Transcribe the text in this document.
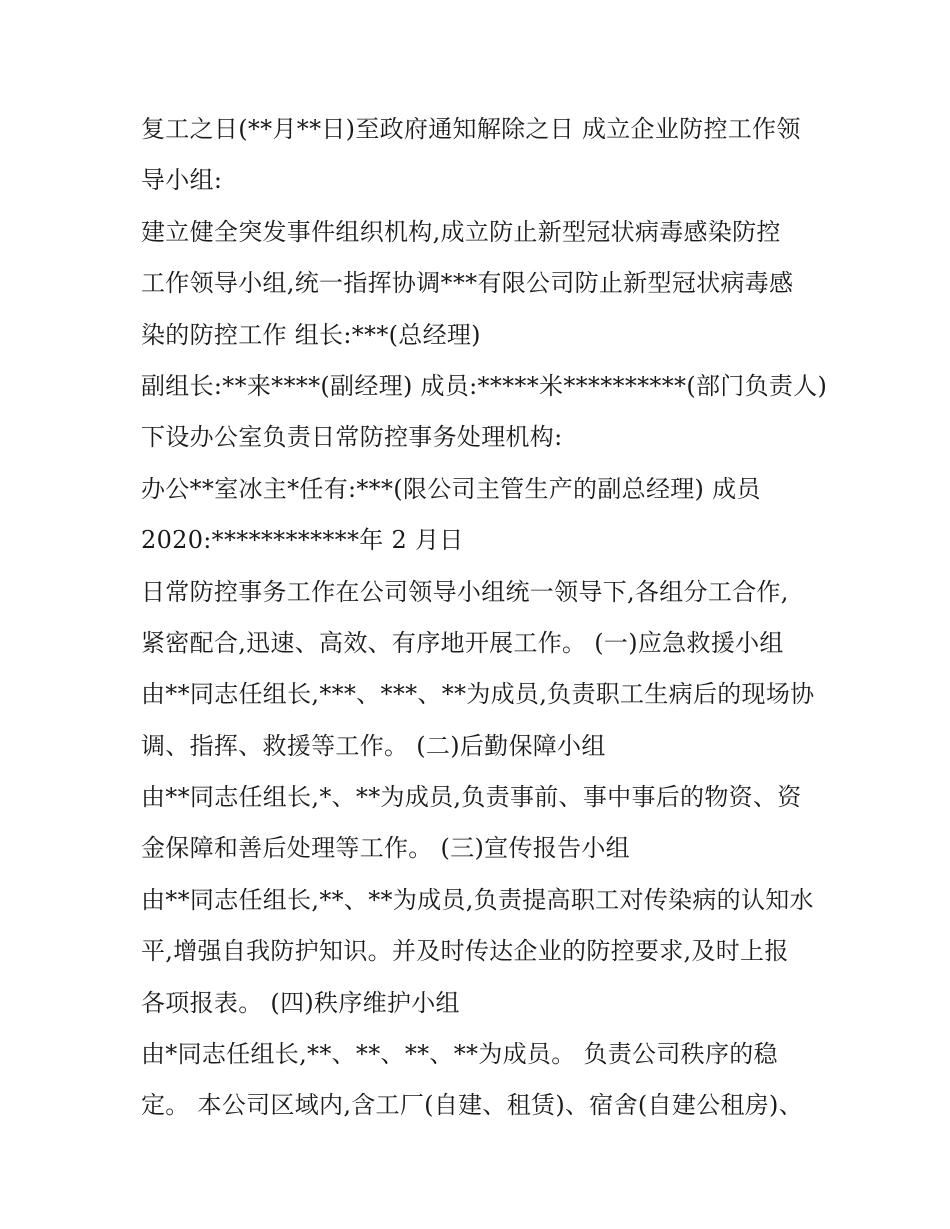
复工之日(**月**日)至政府通知解除之日 成立企业防控工作领
导小组:
建立健全突发事件组织机构,成立防止新型冠状病毒感染防控
工作领导小组,统一指挥协调***有限公司防止新型冠状病毒感
染的防控工作 组长:***(总经理)
副组长:**来****(副经理) 成员:*****米**********(部门负责人)
下设办公室负责日常防控事务处理机构:
办公**室冰主*任有:***(限公司主管生产的副总经理) 成员
2020:************年 2 月日
日常防控事务工作在公司领导小组统一领导下,各组分工合作,
紧密配合,迅速、高效、有序地开展工作。 (一)应急救援小组
由**同志任组长,***、***、**为成员,负责职工生病后的现场协
调、指挥、救援等工作。 (二)后勤保障小组
由**同志任组长,*、**为成员,负责事前、事中事后的物资、资
金保障和善后处理等工作。 (三)宣传报告小组
由**同志任组长,**、**为成员,负责提高职工对传染病的认知水
平,增强自我防护知识。并及时传达企业的防控要求,及时上报
各项报表。 (四)秩序维护小组
由*同志任组长,**、**、**、**为成员。 负责公司秩序的稳
定。 本公司区域内,含工厂(自建、租赁)、宿舍(自建公租房)、
